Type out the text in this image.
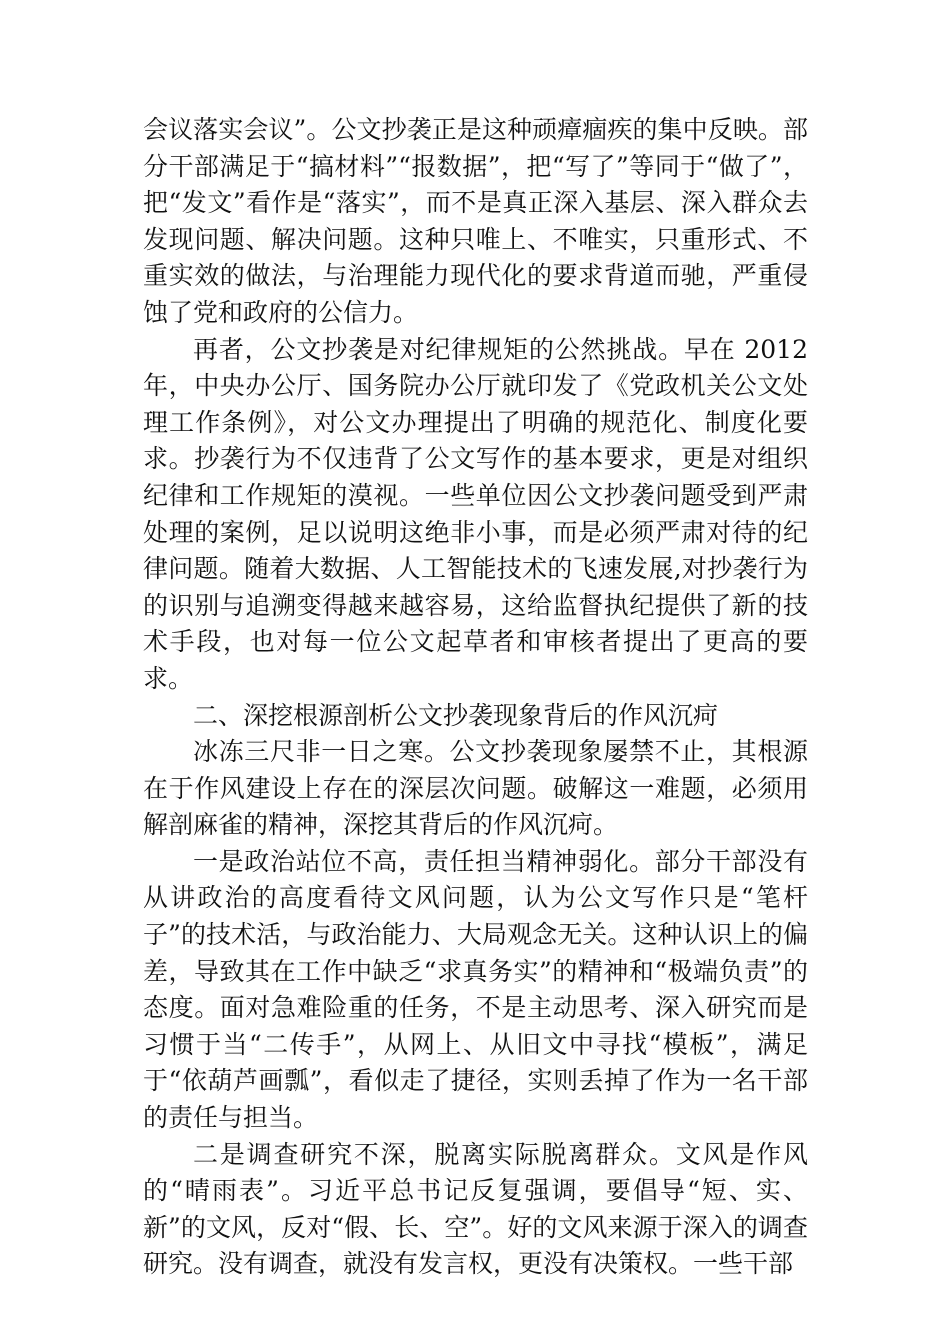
会议落实会议”。公文抄袭正是这种顽瘴痼疾的集中反映。部分干部满足于“搞材料”“报数据”，把“写了”等同于“做了”，把“发文”看作是“落实”，而不是真正深入基层、深入群众去发现问题、解决问题。这种只唯上、不唯实，只重形式、不重实效的做法，与治理能力现代化的要求背道而驰，严重侵蚀了党和政府的公信力。

再者，公文抄袭是对纪律规矩的公然挑战。早在 2012年，中央办公厅、国务院办公厅就印发了《党政机关公文处理工作条例》，对公文办理提出了明确的规范化、制度化要求。抄袭行为不仅违背了公文写作的基本要求，更是对组织纪律和工作规矩的漠视。一些单位因公文抄袭问题受到严肃处理的案例，足以说明这绝非小事，而是必须严肃对待的纪律问题。随着大数据、人工智能技术的飞速发展,对抄袭行为的识别与追溯变得越来越容易，这给监督执纪提供了新的技术手段，也对每一位公文起草者和审核者提出了更高的要求。

二、深挖根源剖析公文抄袭现象背后的作风沉疴

冰冻三尺非一日之寒。公文抄袭现象屡禁不止，其根源在于作风建设上存在的深层次问题。破解这一难题，必须用解剖麻雀的精神，深挖其背后的作风沉疴。

一是政治站位不高，责任担当精神弱化。部分干部没有从讲政治的高度看待文风问题，认为公文写作只是“笔杆子”的技术活，与政治能力、大局观念无关。这种认识上的偏差，导致其在工作中缺乏“求真务实”的精神和“极端负责”的态度。面对急难险重的任务，不是主动思考、深入研究而是习惯于当“二传手”，从网上、从旧文中寻找“模板”，满足于“依葫芦画瓢”，看似走了捷径，实则丢掉了作为一名干部的责任与担当。

二是调查研究不深，脱离实际脱离群众。文风是作风的“晴雨表”。习近平总书记反复强调，要倡导“短、实、新”的文风，反对“假、长、空”。好的文风来源于深入的调查研究。没有调查，就没有发言权，更没有决策权。一些干部
